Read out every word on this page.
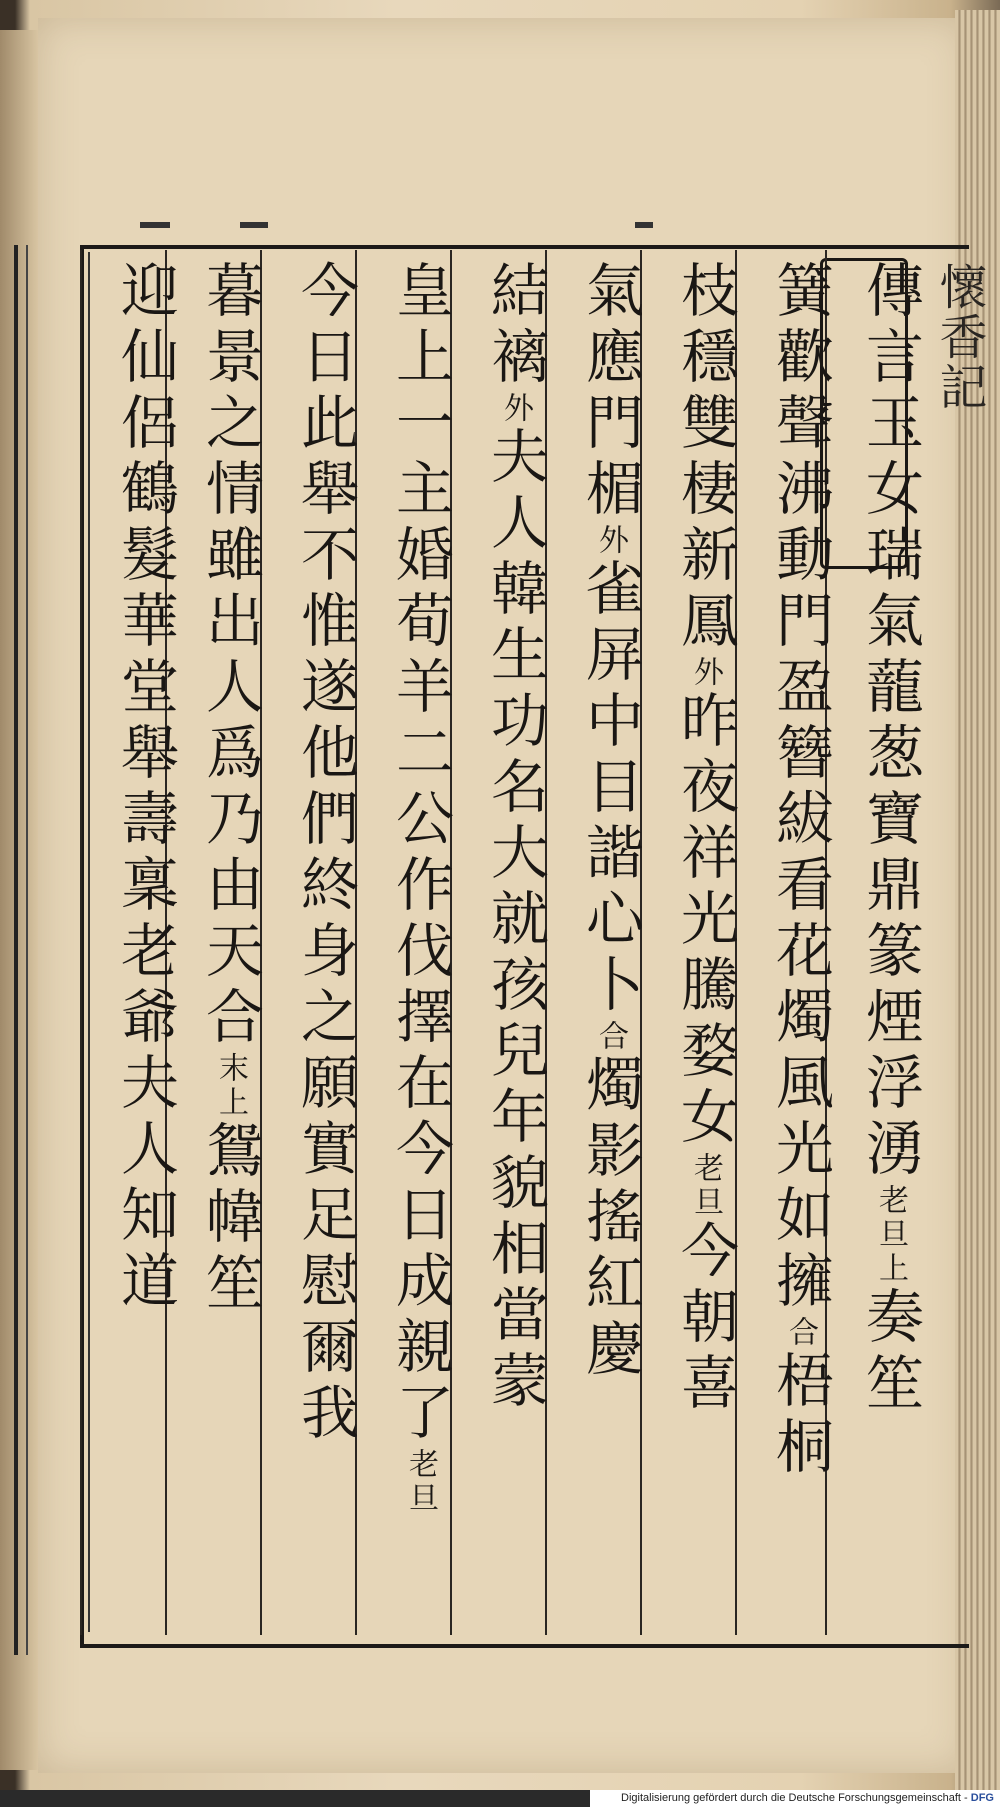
懷香記
傳言玉女瑞氣蘢葱寶鼎篆煙浮湧老旦上奏笙
簧歡聲沸動門盈簪紱看花燭風光如擁合梧桐
枝穩雙棲新鳳外昨夜祥光騰婺女老旦今朝喜
氣應門楣外雀屏中目諧心卜合燭影搖紅慶
結褵外夫人韓生功名大就孩兒年貌相當蒙
皇上一主婚荀羊二公作伐擇在今日成親了老旦
今日此舉不惟遂他們終身之願實足慰爾我
暮景之情雖出人爲乃由天合末上鴛幃笙
迎仙侶鶴髮華堂舉壽稟老爺夫人知道
Digitalisierung gefördert durch die Deutsche Forschungsgemeinschaft - DFG
